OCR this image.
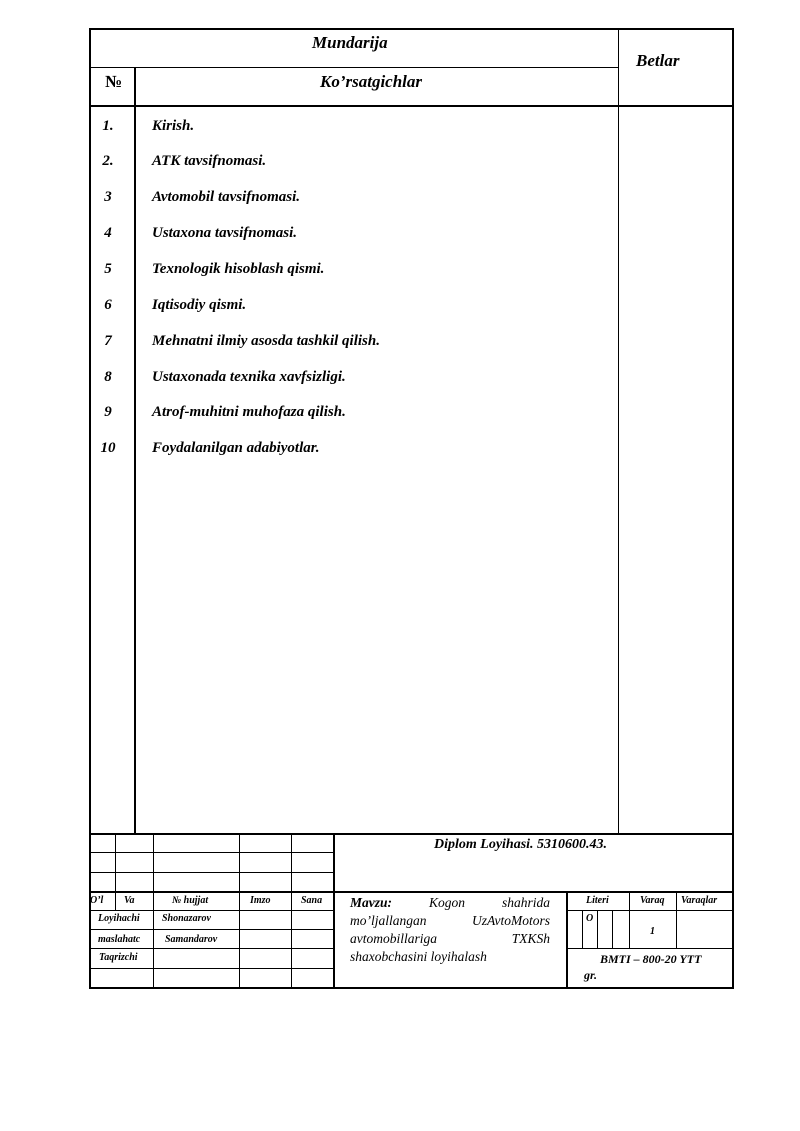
Mundarija
№	Ko’rsatgichlar
Betlar
1.	Kirish.
2.	ATK tavsifnomasi.
3	Avtomobil tavsifnomasi.
4	Ustaxona tavsifnomasi.
5	Texnologik hisoblash qismi.
6	Iqtisodiy qismi.
7	Mehnatni ilmiy asosda tashkil qilish.
8	Ustaxonada texnika xavfsizligi.
9	Atrof-muhitni muhofaza qilish.
10	Foydalanilgan adabiyotlar.
Diplom Loyihasi. 5310600.43.
O’l Va	№ hujjat	Imzo	Sana
Loyihachi Shonazarov
maslahatc Samandarov
Taqrizchi
Mavzu:	Kogon shahrida mo’ljallangan UzAvtoMotors avtomobillariga TXKSh shaxobchasini loyihalash
Literi	Varaq Varaqlar
O
1
BMTI – 800-20 YTT
gr.
